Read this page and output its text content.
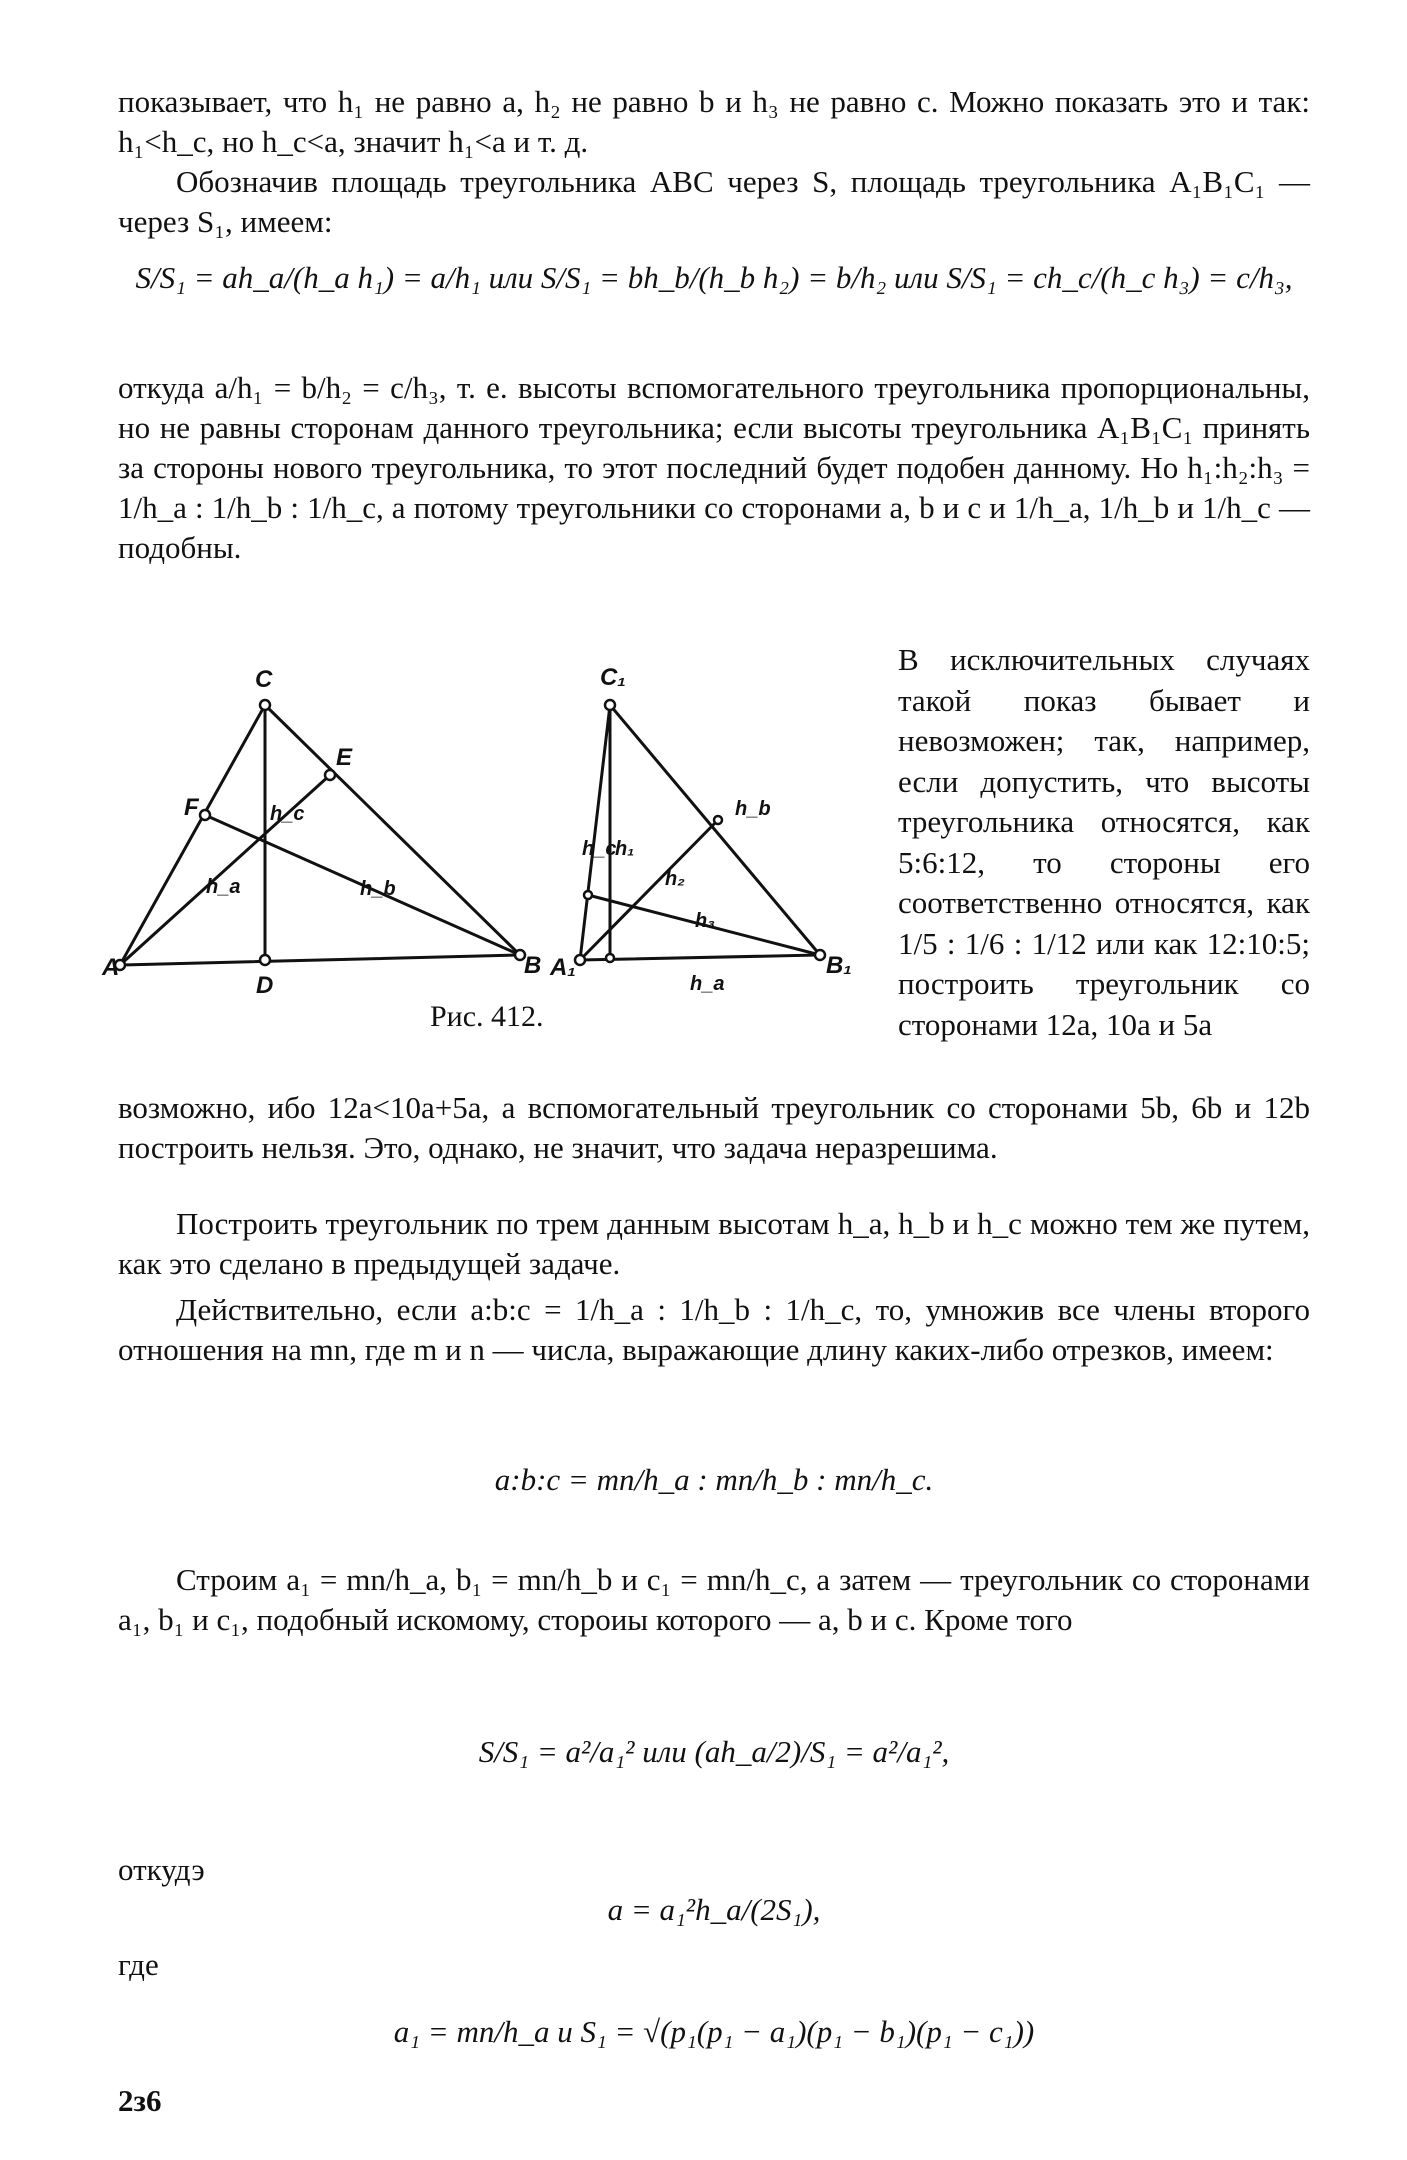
показывает, что h₁ не равно a, h₂ не равно b и h₃ не равно c. Можно показать это и так: h₁<h_c, но h_c<a, значит h₁<a и т. д.
Обозначив площадь треугольника ABC через S, площадь треугольника A₁B₁C₁ — через S₁, имеем:
S/S₁ = ah_a/(h_a h₁) = a/h₁ или S/S₁ = bh_b/(h_b h₂) = b/h₂ или S/S₁ = ch_c/(h_c h₃) = c/h₃,
откуда a/h₁ = b/h₂ = c/h₃, т. е. высоты вспомогательного треугольника пропорциональны, но не равны сторонам данного треугольника; если высоты треугольника A₁B₁C₁ принять за стороны нового треугольника, то этот последний будет подобен данному. Но h₁:h₂:h₃ = 1/h_a : 1/h_b : 1/h_c, а потому треугольники со сторонами a, b и c и 1/h_a, 1/h_b и 1/h_c — подобны.
C
E
F
A	B
D
h_c
h_a	h_b
C₁
A₁	B₁
h_c
h₁
h₂
h₃
h_b
h_a
Рис. 412.
В исключительных случаях такой показ бывает и невозможен; так, например, если допустить, что высоты треугольника относятся, как 5:6:12, то стороны его соответственно относятся, как 1/5 : 1/6 : 1/12 или как 12:10:5; построить треугольник со сторонами 12a, 10a и 5a
возможно, ибо 12a<10a+5a, а вспомогательный треугольник со сторонами 5b, 6b и 12b построить нельзя. Это, однако, не значит, что задача неразрешима.
Построить треугольник по трем данным высотам h_a, h_b и h_c можно тем же путем, как это сделано в предыдущей задаче.
Действительно, если a:b:c = 1/h_a : 1/h_b : 1/h_c, то, умножив все члены второго отношения на mn, где m и n — числа, выражающие длину каких-либо отрезков, имеем:
a:b:c = mn/h_a : mn/h_b : mn/h_c.
Строим a₁ = mn/h_a, b₁ = mn/h_b и c₁ = mn/h_c, а затем — треугольник со сторонами a₁, b₁ и c₁, подобный искомому, стороиы которого — a, b и c. Кроме того
S/S₁ = a²/a₁² или (ah_a/2)/S₁ = a²/a₁²,
откудэ
a = a₁²h_a/(2S₁),
где
a₁ = mn/h_a и S₁ = √(p₁(p₁ − a₁)(p₁ − b₁)(p₁ − c₁))
2з6
